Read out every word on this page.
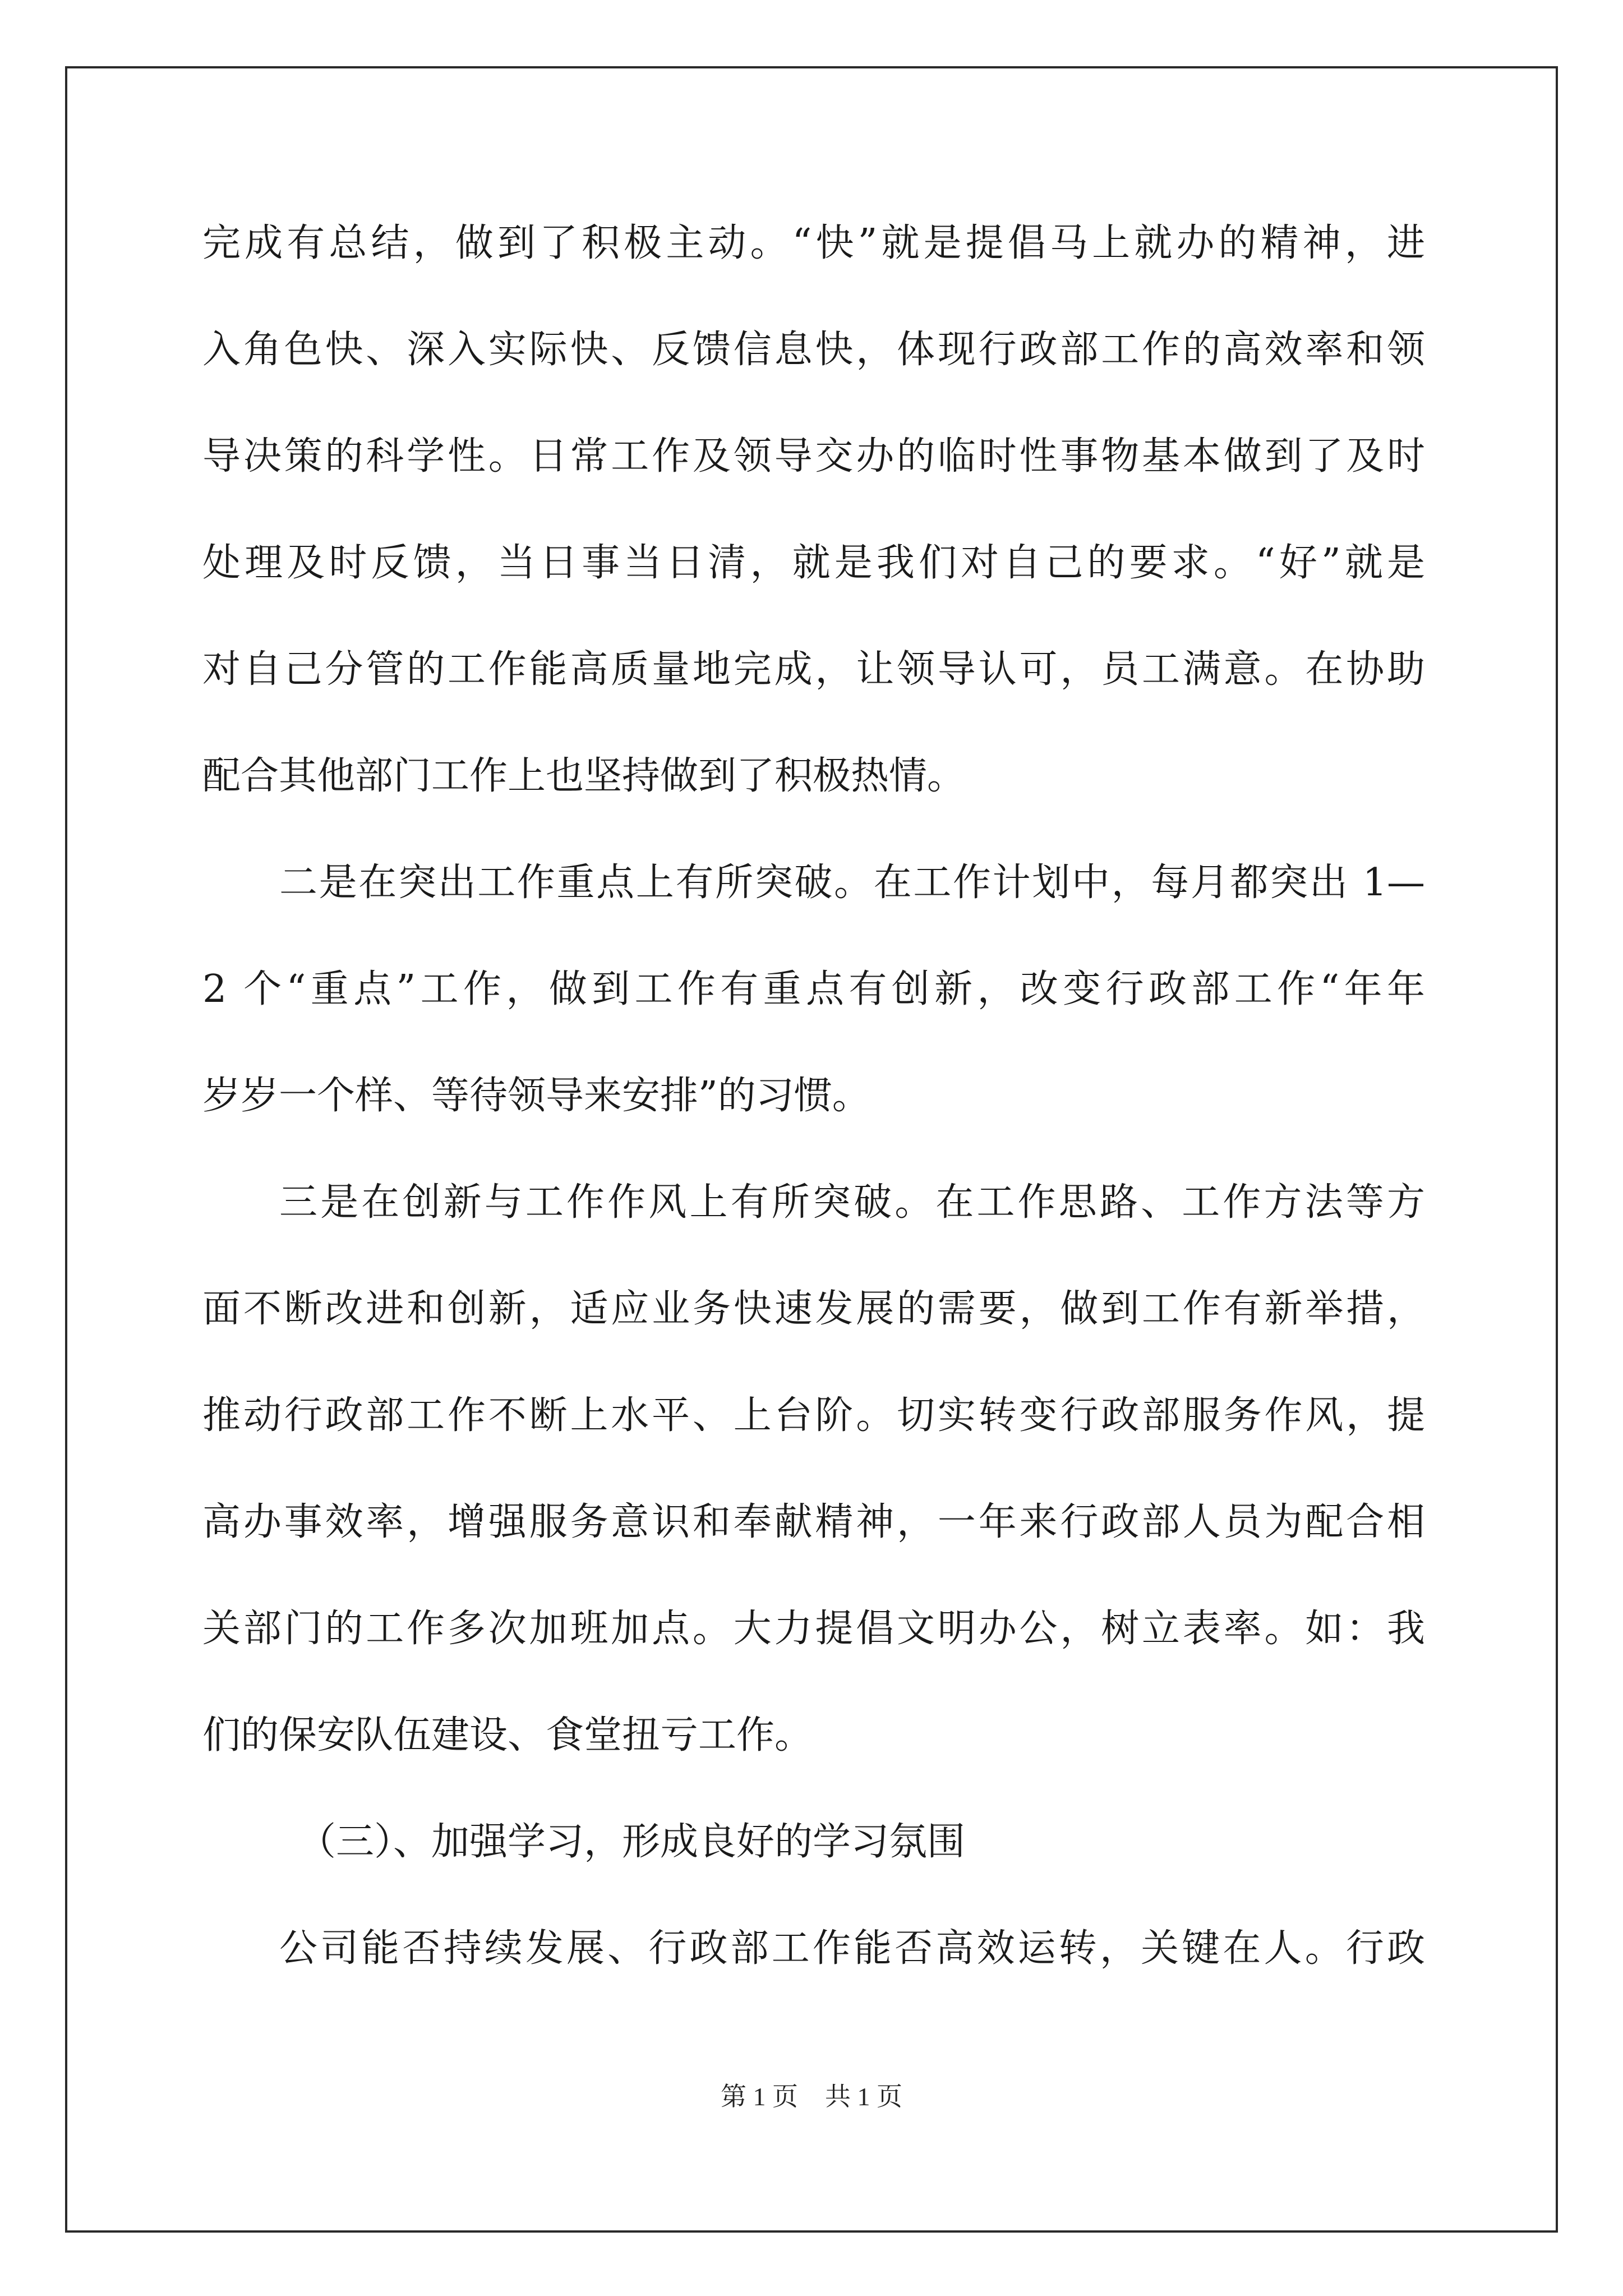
完成有总结，做到了积极主动。“快”就是提倡马上就办的精神，进
入角色快、深入实际快、反馈信息快，体现行政部工作的高效率和领
导决策的科学性。日常工作及领导交办的临时性事物基本做到了及时
处理及时反馈，当日事当日清，就是我们对自己的要求。“好”就是
对自己分管的工作能高质量地完成，让领导认可，员工满意。在协助
配合其他部门工作上也坚持做到了积极热情。
二是在突出工作重点上有所突破。在工作计划中，每月都突出 1—
2 个“重点”工作，做到工作有重点有创新，改变行政部工作“年年
岁岁一个样、等待领导来安排”的习惯。
三是在创新与工作作风上有所突破。在工作思路、工作方法等方
面不断改进和创新，适应业务快速发展的需要，做到工作有新举措，
推动行政部工作不断上水平、上台阶。切实转变行政部服务作风，提
高办事效率，增强服务意识和奉献精神，一年来行政部人员为配合相
关部门的工作多次加班加点。大力提倡文明办公，树立表率。如：我
们的保安队伍建设、食堂扭亏工作。
（三）、加强学习，形成良好的学习氛围
公司能否持续发展、行政部工作能否高效运转，关键在人。行政
第 1 页 共 1 页
